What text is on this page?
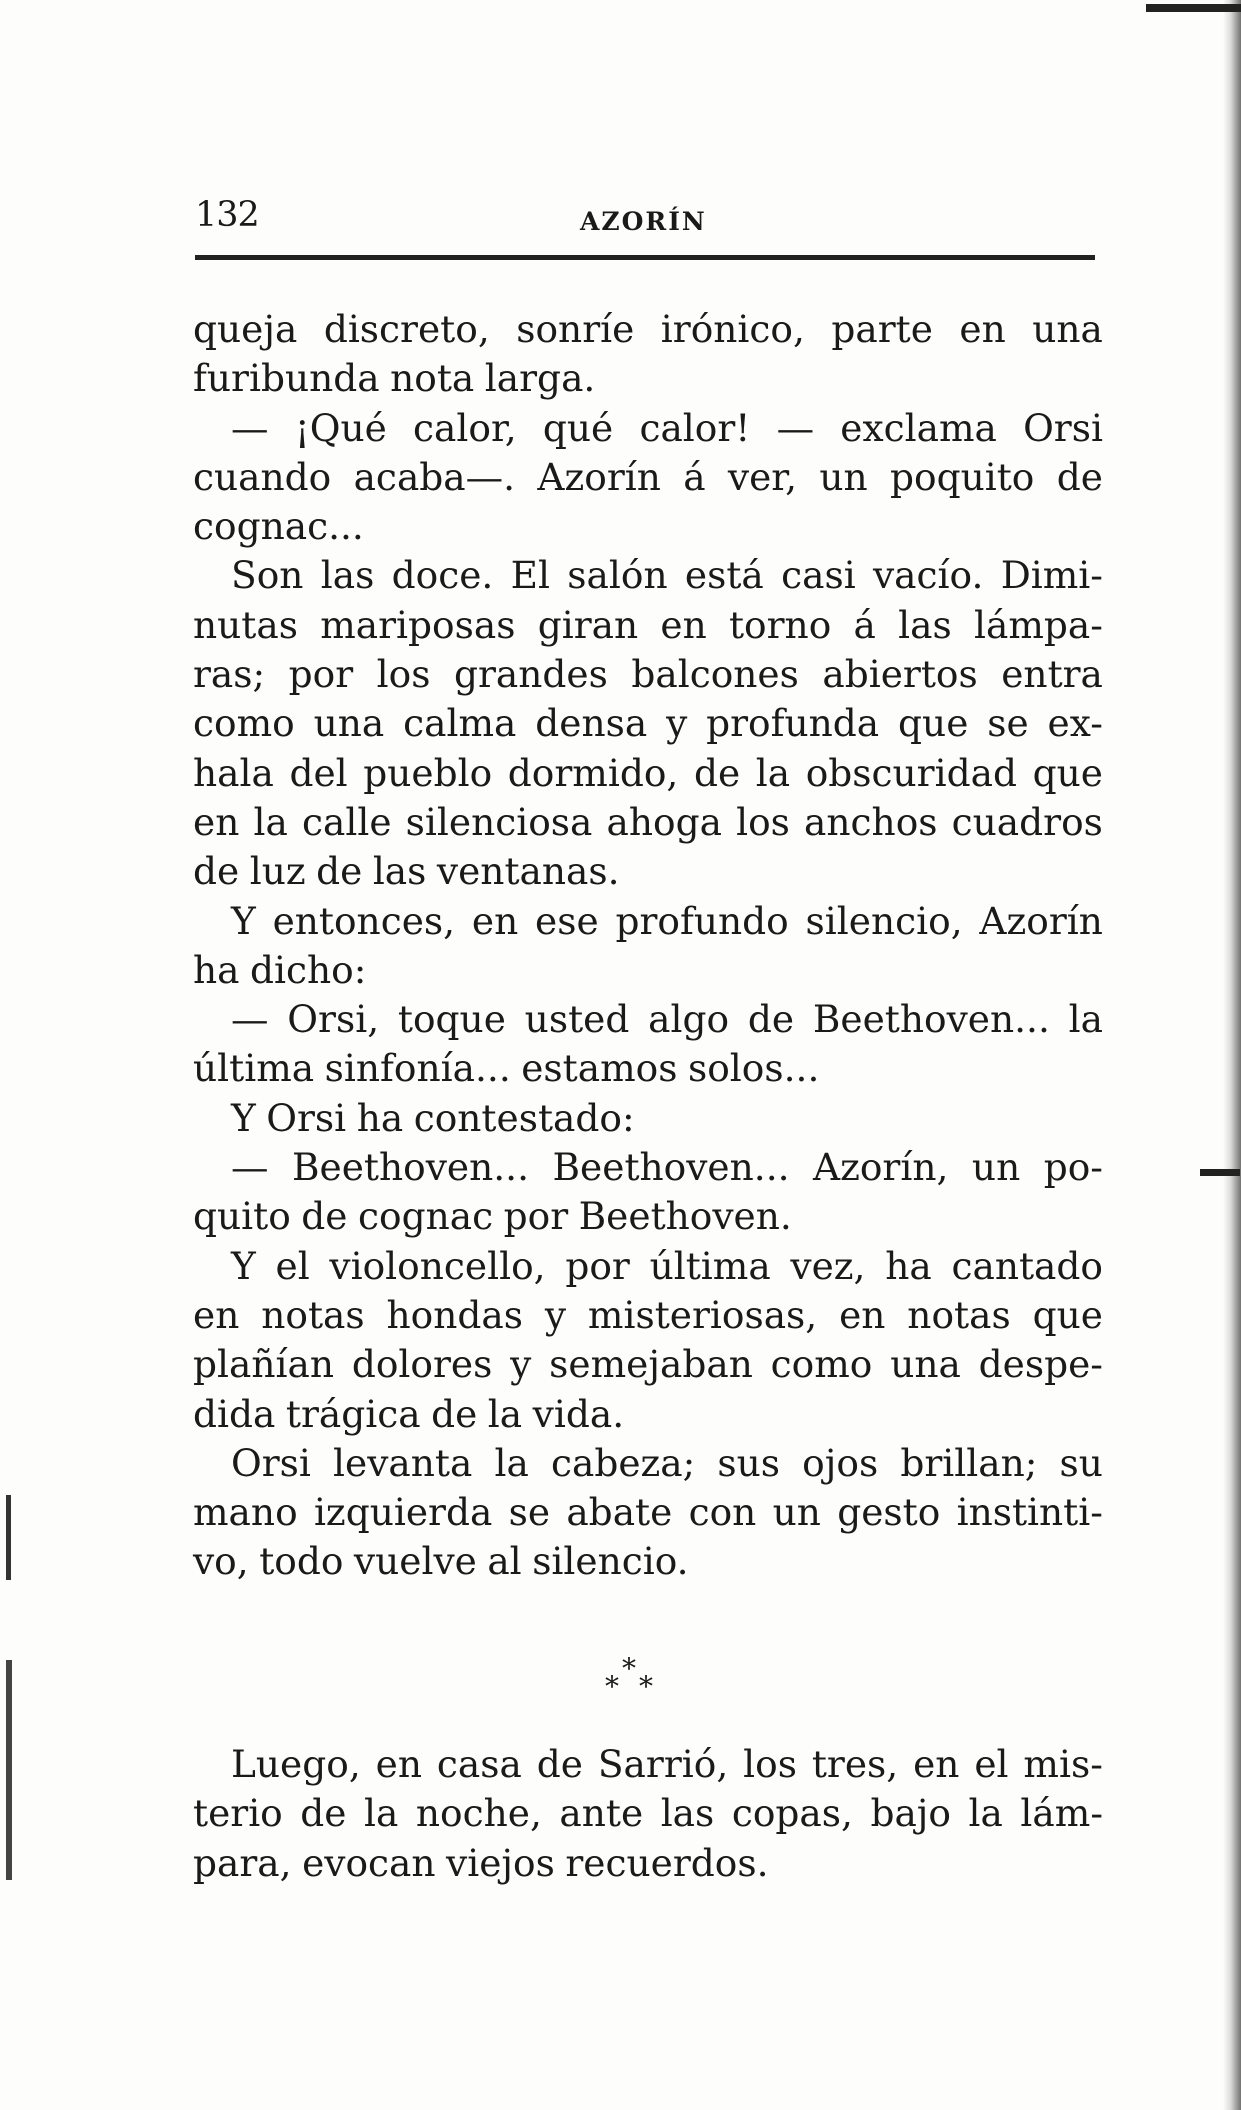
132	AZORÍN
queja discreto, sonríe irónico, parte en una
furibunda nota larga.
— ¡Qué calor, qué calor! — exclama Orsi
cuando acaba—. Azorín á ver, un poquito de
cognac...
Son las doce. El salón está casi vacío. Dimi-
nutas mariposas giran en torno á las lámpa-
ras; por los grandes balcones abiertos entra
como una calma densa y profunda que se ex-
hala del pueblo dormido, de la obscuridad que
en la calle silenciosa ahoga los anchos cuadros
de luz de las ventanas.
Y entonces, en ese profundo silencio, Azorín
ha dicho:
— Orsi, toque usted algo de Beethoven... la
última sinfonía... estamos solos...
Y Orsi ha contestado:
— Beethoven... Beethoven... Azorín, un po-
quito de cognac por Beethoven.
Y el violoncello, por última vez, ha cantado
en notas hondas y misteriosas, en notas que
plañían dolores y semejaban como una despe-
dida trágica de la vida.
Orsi levanta la cabeza; sus ojos brillan; su
mano izquierda se abate con un gesto instinti-
vo, todo vuelve al silencio.
*
* *
Luego, en casa de Sarrió, los tres, en el mis-
terio de la noche, ante las copas, bajo la lám-
para, evocan viejos recuerdos.
